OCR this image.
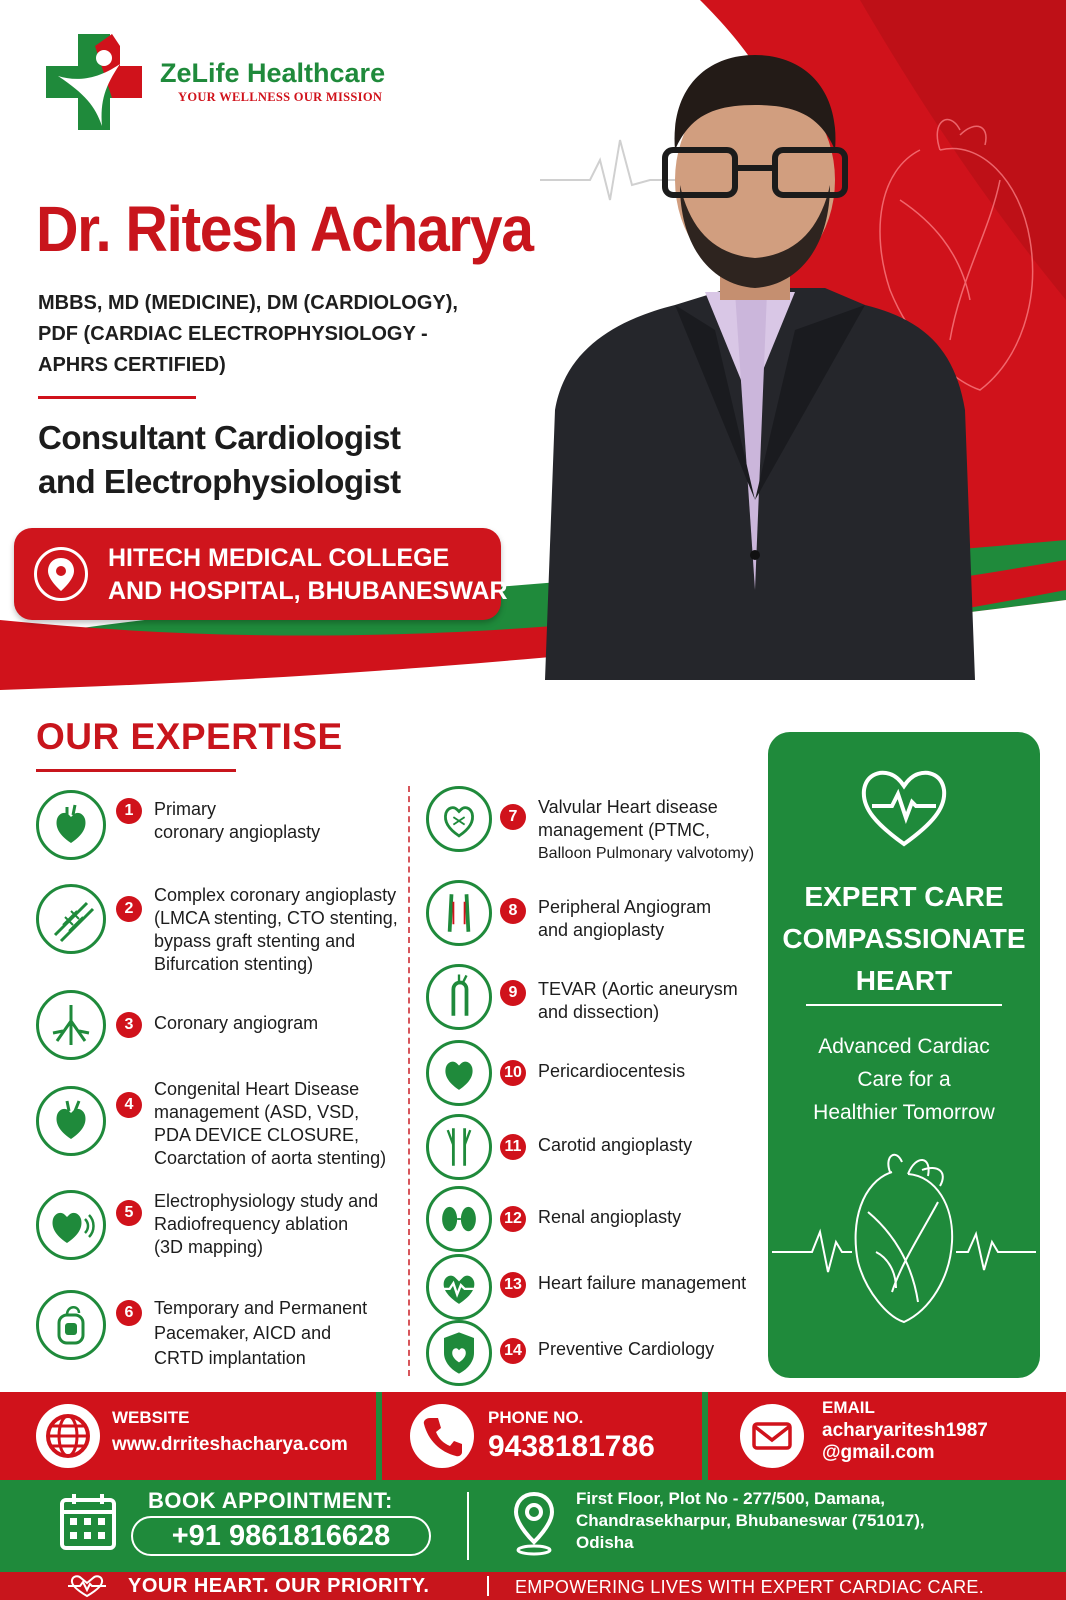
ZeLife Healthcare
YOUR WELLNESS OUR MISSION
Dr. Ritesh Acharya
MBBS, MD (MEDICINE), DM (CARDIOLOGY),
PDF (CARDIAC ELECTROPHYSIOLOGY -
APHRS CERTIFIED)
Consultant Cardiologist
and Electrophysiologist
HITECH MEDICAL COLLEGE
AND HOSPITAL, BHUBANESWAR
OUR EXPERTISE
1	Primary
coronary angioplasty
2
Complex coronary angioplasty
(LMCA stenting, CTO stenting,
bypass graft stenting and
Bifurcation stenting)
3	Coronary angiogram
4
Congenital Heart Disease
management (ASD, VSD,
PDA DEVICE CLOSURE,
Coarctation of aorta stenting)
5
Electrophysiology study and
Radiofrequency ablation
(3D mapping)
6	Temporary and Permanent
Pacemaker, AICD and
CRTD implantation
7	Valvular Heart disease
management (PTMC,
Balloon Pulmonary valvotomy)
8	Peripheral Angiogram
and angioplasty
9	TEVAR (Aortic aneurysm
and dissection)
10 Pericardiocentesis
11 Carotid angioplasty
12 Renal angioplasty
13 Heart failure management
14 Preventive Cardiology
EXPERT CARE
COMPASSIONATE
HEART
Advanced Cardiac
Care for a
Healthier Tomorrow
WEBSITE
www.drriteshacharya.com
PHONE NO.
9438181786
EMAIL
acharyaritesh1987
@gmail.com
BOOK APPOINTMENT:
+91 9861816628
First Floor, Plot No - 277/500, Damana,
Chandrasekharpur, Bhubaneswar (751017),
Odisha
YOUR HEART. OUR PRIORITY.	EMPOWERING LIVES WITH EXPERT CARDIAC CARE.
